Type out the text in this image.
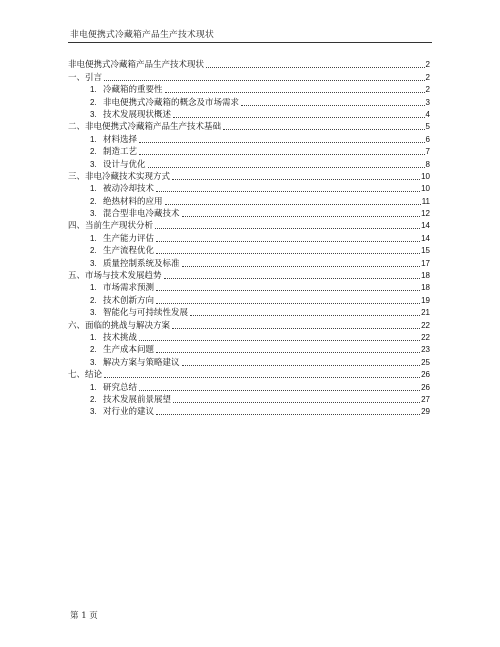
非电便携式冷藏箱产品生产技术现状
非电便携式冷藏箱产品生产技术现状	2
一、引言	2
1. 冷藏箱的重要性	2
2. 非电便携式冷藏箱的概念及市场需求	3
3. 技术发展现状概述	4
二、非电便携式冷藏箱产品生产技术基础	5
1. 材料选择	6
2. 制造工艺	7
3. 设计与优化	8
三、非电冷藏技术实现方式	10
1. 被动冷却技术	10
2. 绝热材料的应用	11
3. 混合型非电冷藏技术	12
四、当前生产现状分析	14
1. 生产能力评估	14
2. 生产流程优化	15
3. 质量控制系统及标准	17
五、市场与技术发展趋势	18
1. 市场需求预测	18
2. 技术创新方向	19
3. 智能化与可持续性发展	21
六、面临的挑战与解决方案	22
1. 技术挑战	22
2. 生产成本问题	23
3. 解决方案与策略建议	25
七、结论	26
1. 研究总结	26
2. 技术发展前景展望	27
3. 对行业的建议	29
第 1 页
